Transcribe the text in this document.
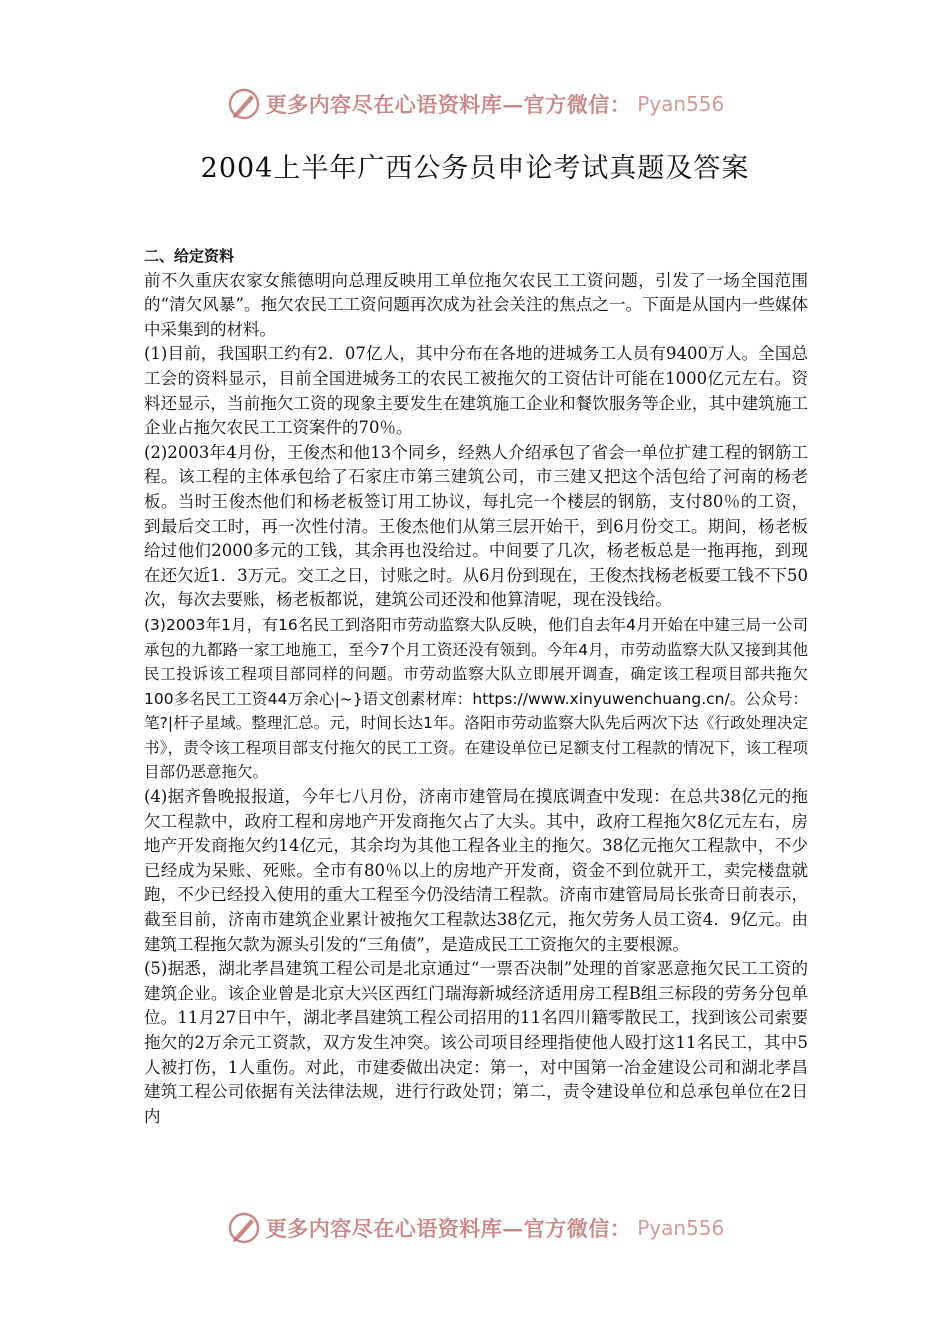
更多内容尽在心语资料库—官方微信： Pyan556
2004上半年广西公务员申论考试真题及答案

二、给定资料

前不久重庆农家女熊德明向总理反映用工单位拖欠农民工工资问题，引发了一场全国范围的“清欠风暴”。拖欠农民工工资问题再次成为社会关注的焦点之一。下面是从国内一些媒体中采集到的材料。

(1)目前，我国职工约有2．07亿人，其中分布在各地的进城务工人员有9400万人。全国总工会的资料显示，目前全国进城务工的农民工被拖欠的工资估计可能在1000亿元左右。资料还显示，当前拖欠工资的现象主要发生在建筑施工企业和餐饮服务等企业，其中建筑施工企业占拖欠农民工工资案件的70％。

(2)2003年4月份，王俊杰和他13个同乡，经熟人介绍承包了省会一单位扩建工程的钢筋工程。该工程的主体承包给了石家庄市第三建筑公司，市三建又把这个活包给了河南的杨老板。当时王俊杰他们和杨老板签订用工协议，每扎完一个楼层的钢筋，支付80％的工资，到最后交工时，再一次性付清。王俊杰他们从第三层开始干，到6月份交工。期间，杨老板给过他们2000多元的工钱，其余再也没给过。中间要了几次，杨老板总是一拖再拖，到现在还欠近1．3万元。交工之日，讨账之时。从6月份到现在，王俊杰找杨老板要工钱不下50次，每次去要账，杨老板都说，建筑公司还没和他算清呢，现在没钱给。

(3)2003年1月，有16名民工到洛阳市劳动监察大队反映，他们自去年4月开始在中建三局一公司承包的九都路一家工地施工，至今7个月工资还没有领到。今年4月，市劳动监察大队又接到其他民工投诉该工程项目部同样的问题。市劳动监察大队立即展开调查，确定该工程项目部共拖欠100多名民工工资44万余心|~}语文创素材库：https://www.xinyuwenchuang.cn/。公众号：笔?|杆子星域。整理汇总。元，时间长达1年。洛阳市劳动监察大队先后两次下达《行政处理决定书》，责令该工程项目部支付拖欠的民工工资。在建设单位已足额支付工程款的情况下，该工程项目部仍恶意拖欠。

(4)据齐鲁晚报报道，今年七八月份，济南市建管局在摸底调查中发现：在总共38亿元的拖欠工程款中，政府工程和房地产开发商拖欠占了大头。其中，政府工程拖欠8亿元左右，房地产开发商拖欠约14亿元，其余均为其他工程各业主的拖欠。38亿元拖欠工程款中，不少已经成为呆账、死账。全市有80％以上的房地产开发商，资金不到位就开工，卖完楼盘就跑，不少已经投入使用的重大工程至今仍没结清工程款。济南市建管局局长张奇日前表示，截至目前，济南市建筑企业累计被拖欠工程款达38亿元，拖欠劳务人员工资4．9亿元。由建筑工程拖欠款为源头引发的“三角债”，是造成民工工资拖欠的主要根源。

(5)据悉，湖北孝昌建筑工程公司是北京通过“一票否决制”处理的首家恶意拖欠民工工资的建筑企业。该企业曾是北京大兴区西红门瑞海新城经济适用房工程B组三标段的劳务分包单位。11月27日中午，湖北孝昌建筑工程公司招用的11名四川籍零散民工，找到该公司索要拖欠的2万余元工资款，双方发生冲突。该公司项目经理指使他人殴打这11名民工，其中5人被打伤，1人重伤。对此，市建委做出决定：第一，对中国第一冶金建设公司和湖北孝昌建筑工程公司依据有关法律法规，进行行政处罚；第二，责令建设单位和总承包单位在2日内

更多内容尽在心语资料库—官方微信： Pyan556
